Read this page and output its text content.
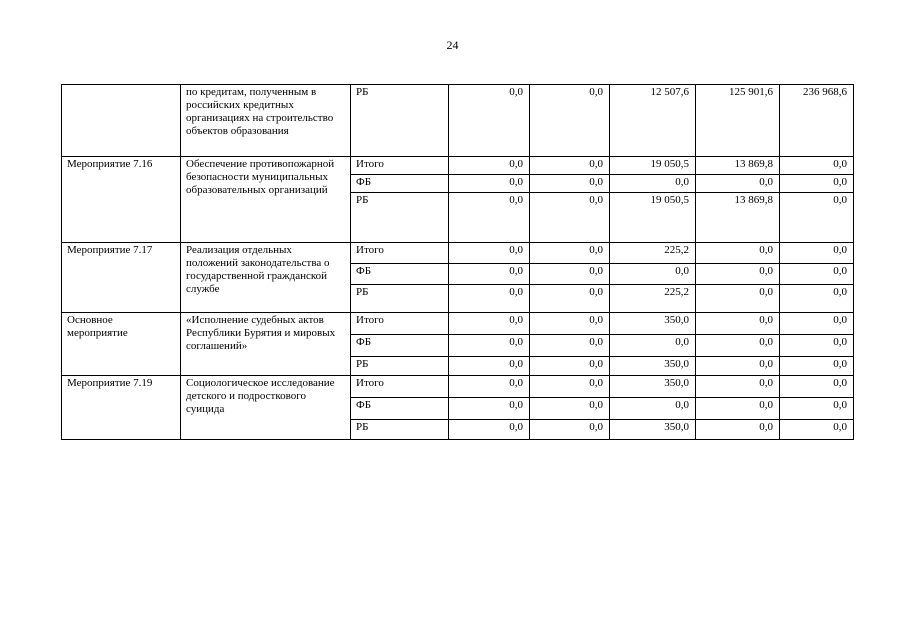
24
	по кредитам, полученным в российских кредитных организациях на строительство объектов образования	РБ	0,0	0,0	12 507,6	125 901,6	236 968,6
Мероприятие 7.16	Обеспечение противопожарной безопасности муниципальных образовательных организаций	Итого	0,0	0,0	19 050,5	13 869,8	0,0
		ФБ	0,0	0,0	0,0	0,0	0,0
		РБ	0,0	0,0	19 050,5	13 869,8	0,0
Мероприятие 7.17	Реализация отдельных положений законодательства о государственной гражданской службе	Итого	0,0	0,0	225,2	0,0	0,0
		ФБ	0,0	0,0	0,0	0,0	0,0
		РБ	0,0	0,0	225,2	0,0	0,0
Основное мероприятие	«Исполнение судебных актов Республики Бурятия и мировых соглашений»	Итого	0,0	0,0	350,0	0,0	0,0
		ФБ	0,0	0,0	0,0	0,0	0,0
		РБ	0,0	0,0	350,0	0,0	0,0
Мероприятие 7.19	Социологическое исследование детского и подросткового суицида	Итого	0,0	0,0	350,0	0,0	0,0
		ФБ	0,0	0,0	0,0	0,0	0,0
		РБ	0,0	0,0	350,0	0,0	0,0
